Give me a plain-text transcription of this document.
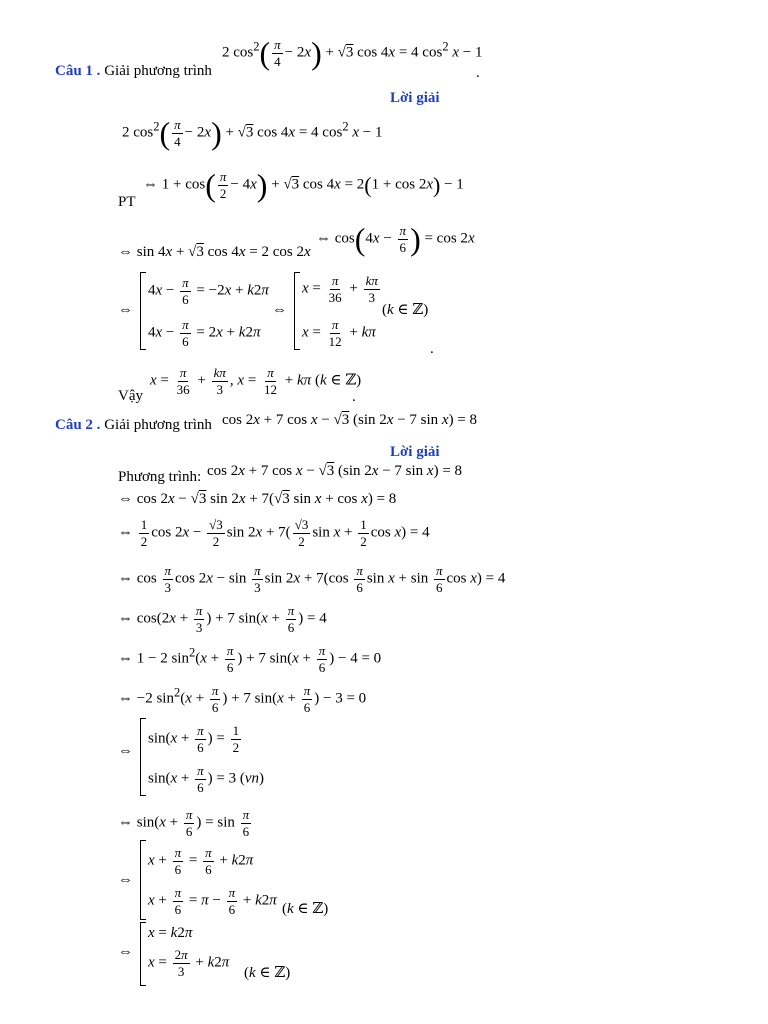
2 $\cos^2( \frac{\pi}{4} - 2x) + √3$ cos 4x = 4 $\cos^2 x - 1$
Câu 1 . Giải phương trình	.
Lời giải
2 $\cos^2( \frac{\pi}{4} - 2x) + √3$ cos 4x = 4 $\cos^2 x - 1$
PT
⇔ $1 + \cos( \frac{\pi}{2} - 4x) + √3$ cos 4x = 2(1 + cos 2x) − 1
⇔ sin 4x + √3 cos 4x = 2 cos 2x
⇔ $\cos(4x - \frac{\pi}{6}$ ) = cos 2x
⇔
$4x - \frac{\pi}{6} = -2x + k2\pi$
$4x - \frac{\pi}{6} = 2x + k2\pi$
⇔
$x = \frac{\pi}{36} + \frac{k\pi}{3}$
$x = \frac{\pi}{12} + k\pi$
(k ∈ ℤ)
.
Vậy
$x = \frac{\pi}{36} + \frac{k\pi}{3}$ , $x = \frac{\pi}{12} + k\pi$ (k ∈ ℤ)
.
Câu 2 . Giải phương trình cos 2x + 7 cos x − √3 (sin 2x − 7 sin x) = 8
Lời giải
Phương trình: cos 2x + 7 cos x − √3 (sin 2x − 7 sin x) = 8
⇔ cos 2x − √3 sin 2x + 7(√3 sin x + cos x) = 8
⇔ $\frac{1}{2}$ $\cos 2x - \frac{√3}{2}$ $\sin 2x + 7( \frac{√3}{2}$ $\sin x + \frac{1}{2}$ cos x) = 4
⇔ $\cos \frac{\pi}{3}$ $\cos 2x - \sin \frac{\pi}{3}$ $\sin 2x + 7(\cos \frac{\pi}{6}$ $\sin x + \sin \frac{\pi}{6}$ cos x) = 4
⇔ $\cos(2x + \frac{\pi}{3}$ ) + 7 $\sin(x + \frac{\pi}{6}$ ) = 4
⇔ 1 − 2 $\sin^2(x + \frac{\pi}{6}$ ) + 7 $\sin(x + \frac{\pi}{6}$ ) − 4 = 0
⇔ −2 $\sin^2(x + \frac{\pi}{6}$ ) + 7 $\sin(x + \frac{\pi}{6}$ ) − 3 = 0
⇔
$\sin(x + \frac{\pi}{6}$ ) = $\frac{1}{2}$
$\sin(x + \frac{\pi}{6}$ ) = 3 (vn)
⇔ $\sin(x + \frac{\pi}{6}$ ) = $\sin \frac{\pi}{6}$
⇔
$x + \frac{\pi}{6} = \frac{\pi}{6} + k2\pi$
$x + \frac{\pi}{6} = \pi - \frac{\pi}{6} + k2\pi$
(k ∈ ℤ)
⇔
x = k2π
$x = \frac{2\pi}{3} + k2\pi$
(k ∈ ℤ)
